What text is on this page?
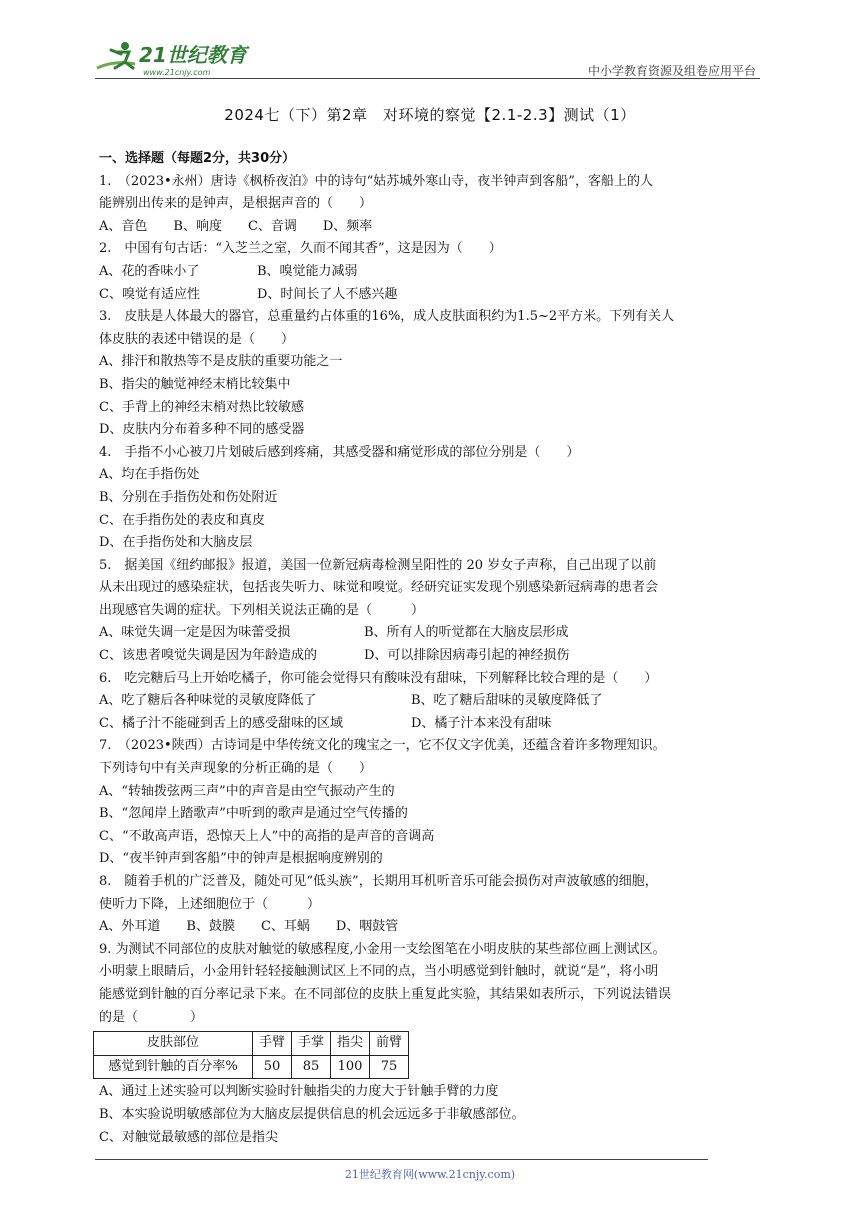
21世纪教育
www.21cnjy.com	中小学教育资源及组卷应用平台
2024七（下）第2章　对环境的察觉【2.1-2.3】测试（1）

一、选择题（每题2分，共30分）

1.　（2023•永州）唐诗《枫桥夜泊》中的诗句“姑苏城外寒山寺，夜半钟声到客船”，客船上的人

能辨别出传来的是钟声，是根据声音的（　　）

A、音色　　B、响度　　C、音调　　D、频率

2.　中国有句古话：“入芝兰之室，久而不闻其香”，这是因为（　　）

A、花的香味小了	B、嗅觉能力减弱

C、嗅觉有适应性	D、时间长了人不感兴趣

3.　皮肤是人体最大的器官，总重量约占体重的16%，成人皮肤面积约为1.5~2平方米。下列有关人

体皮肤的表述中错误的是（　　）

A、排汗和散热等不是皮肤的重要功能之一

B、指尖的触觉神经末梢比较集中

C、手背上的神经末梢对热比较敏感

D、皮肤内分布着多种不同的感受器

4.　手指不小心被刀片划破后感到疼痛，其感受器和痛觉形成的部位分别是（　　）

A、均在手指伤处

B、分别在手指伤处和伤处附近

C、在手指伤处的表皮和真皮

D、在手指伤处和大脑皮层

5.　据美国《纽约邮报》报道，美国一位新冠病毒检测呈阳性的 20 岁女子声称，自己出现了以前

从未出现过的感染症状，包括丧失听力、味觉和嗅觉。经研究证实发现个别感染新冠病毒的患者会

出现感官失调的症状。下列相关说法正确的是（　　　）

A、味觉失调一定是因为味蕾受损	B、所有人的听觉都在大脑皮层形成

C、该患者嗅觉失调是因为年龄造成的	D、可以排除因病毒引起的神经损伤

6.　吃完糖后马上开始吃橘子，你可能会觉得只有酸味没有甜味，下列解释比较合理的是（　　）

A、吃了糖后各种味觉的灵敏度降低了	B、吃了糖后甜味的灵敏度降低了

C、橘子汁不能碰到舌上的感受甜味的区域	D、橘子汁本来没有甜味

7.　（2023•陕西）古诗词是中华传统文化的瑰宝之一，它不仅文字优美，还蕴含着许多物理知识。

下列诗句中有关声现象的分析正确的是（　　）

A、“转轴拨弦两三声”中的声音是由空气振动产生的

B、“忽闻岸上踏歌声”中听到的歌声是通过空气传播的

C、“不敢高声语，恐惊天上人”中的高指的是声音的音调高

D、“夜半钟声到客船”中的钟声是根据响度辨别的

8.　随着手机的广泛普及，随处可见“低头族”，长期用耳机听音乐可能会损伤对声波敏感的细胞，

使听力下降，上述细胞位于（　　　）

A、外耳道　　B、鼓膜　　C、耳蜗　　D、咽鼓管

9. 为测试不同部位的皮肤对触觉的敏感程度,小金用一支绘图笔在小明皮肤的某些部位画上测试区。

小明蒙上眼睛后，小金用针轻轻接触测试区上不同的点，当小明感觉到针触时，就说“是”，将小明

能感觉到针触的百分率记录下来。在不同部位的皮肤上重复此实验，其结果如表所示，下列说法错误

的是（　　　　）

皮肤部位	手臂	手掌	指尖	前臂
感觉到针触的百分率%	50	85	100	75

A、通过上述实验可以判断实验时针触指尖的力度大于针触手臂的力度

B、本实验说明敏感部位为大脑皮层提供信息的机会远远多于非敏感部位。

C、对触觉最敏感的部位是指尖

21世纪教育网(www.21cnjy.com)
